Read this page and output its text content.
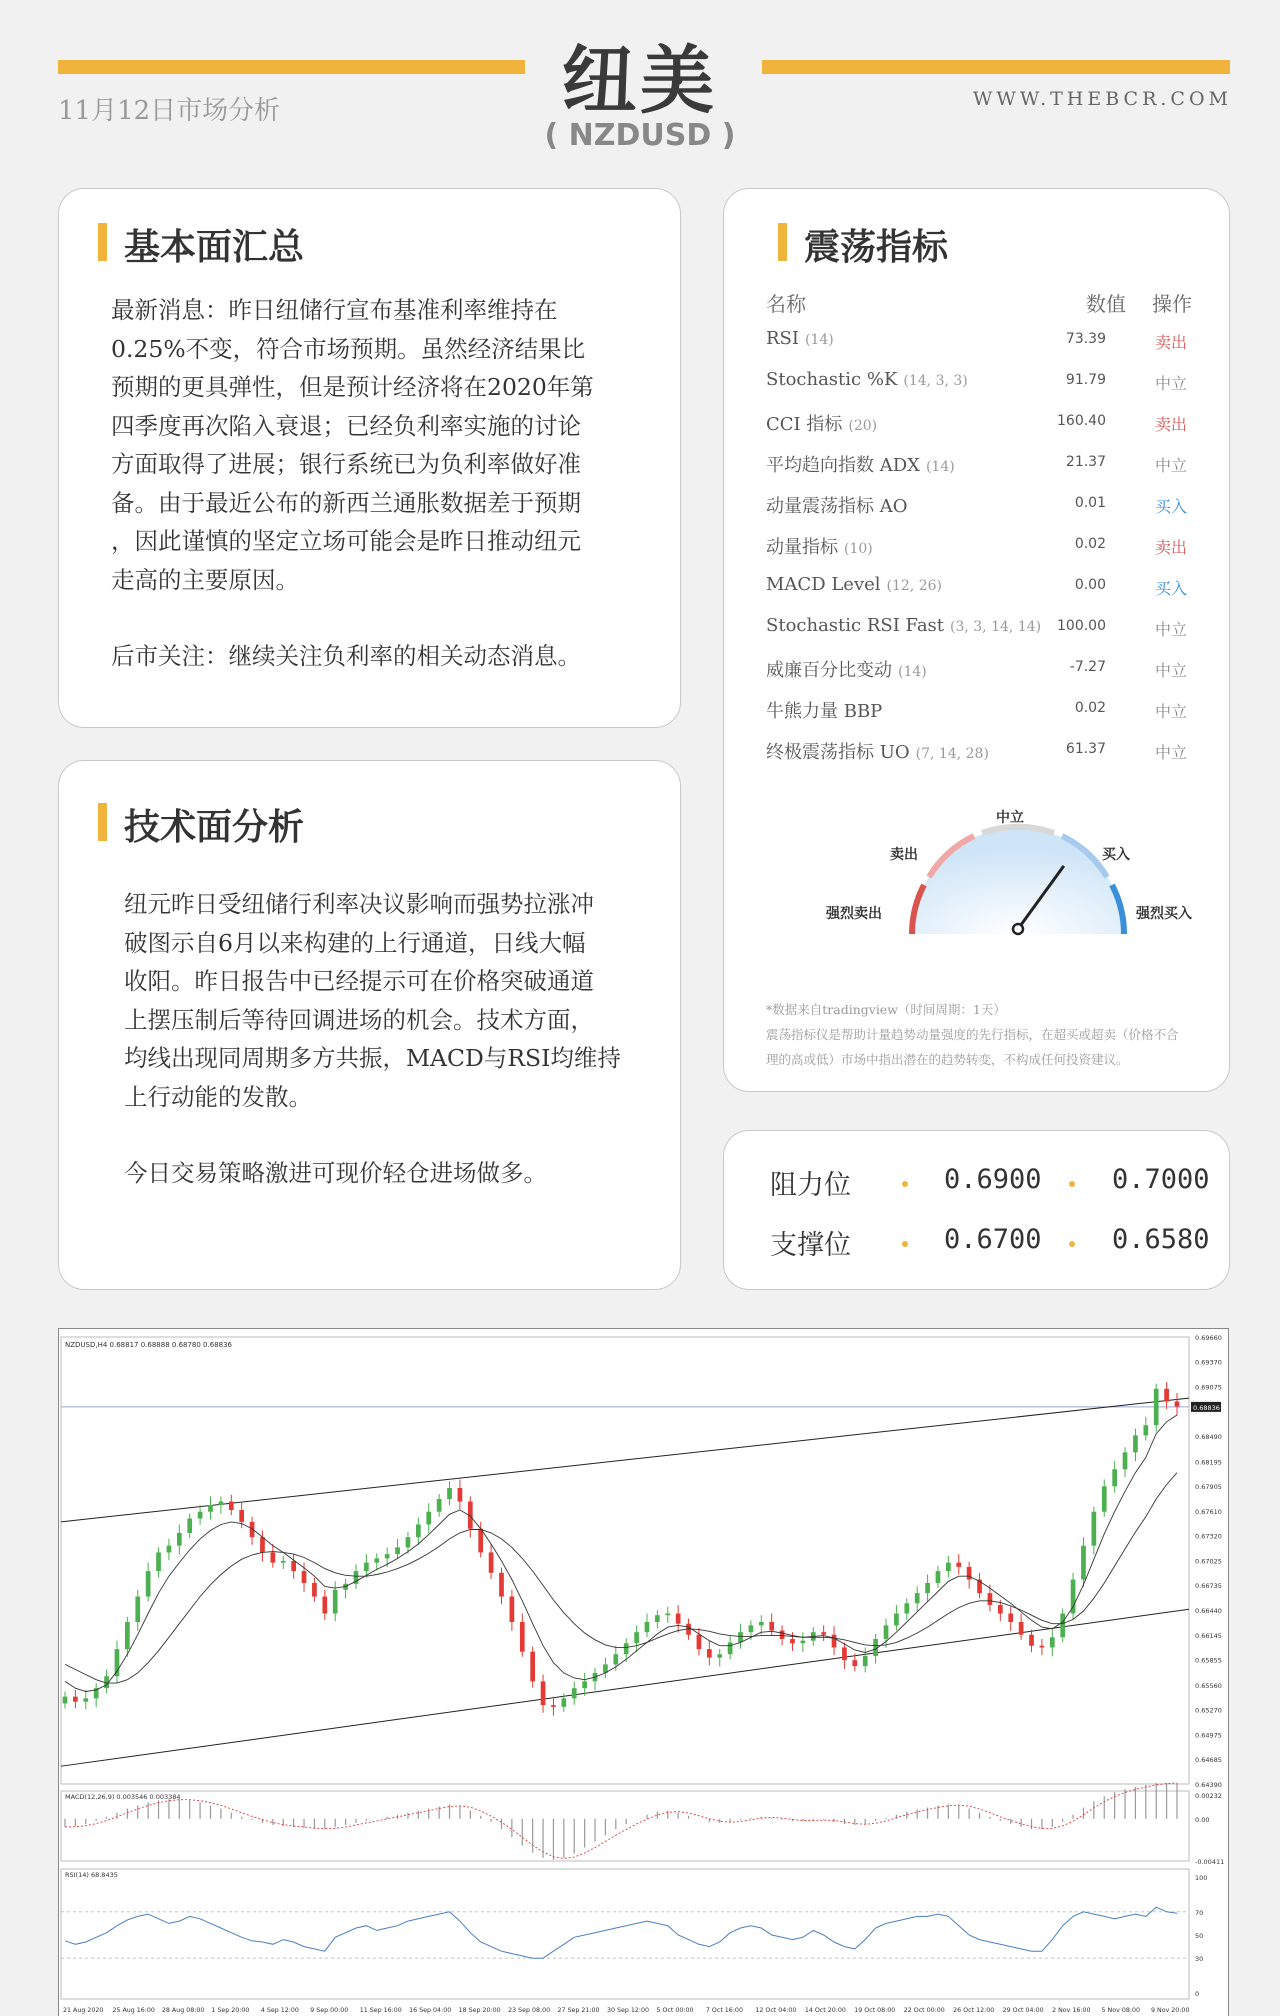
纽美
( NZDUSD )
11月12日市场分析	WWW.THEBCR.COM
基本面汇总
最新消息：昨日纽储行宣布基准利率维持在
0.25%不变，符合市场预期。虽然经济结果比
预期的更具弹性，但是预计经济将在2020年第
四季度再次陷入衰退；已经负利率实施的讨论
方面取得了进展；银行系统已为负利率做好准
备。由于最近公布的新西兰通胀数据差于预期
，因此谨慎的坚定立场可能会是昨日推动纽元
走高的主要原因。
后市关注：继续关注负利率的相关动态消息。
技术面分析
纽元昨日受纽储行利率决议影响而强势拉涨冲
破图示自6月以来构建的上行通道，日线大幅
收阳。昨日报告中已经提示可在价格突破通道
上摆压制后等待回调进场的机会。技术方面，
均线出现同周期多方共振，MACD与RSI均维持
上行动能的发散。
今日交易策略激进可现价轻仓进场做多。
震荡指标
名称	数值 操作
RSI (14)	73.39	卖出
Stochastic %K (14, 3, 3)	91.79	中立
CCI 指标 (20)	160.40	卖出
平均趋向指数 ADX (14)	21.37	中立
动量震荡指标 AO	0.01	买入
动量指标 (10)	0.02	卖出
MACD Level (12, 26)	0.00	买入
Stochastic RSI Fast (3, 3, 14, 14) 100.00	中立
威廉百分比变动 (14)	-7.27	中立
牛熊力量 BBP	0.02	中立
终极震荡指标 UO (7, 14, 28)	61.37	中立
中立
卖出	买入
强烈卖出	强烈买入
*数据来自tradingview（时间周期：1天）
震荡指标仪是帮助计量趋势动量强度的先行指标，在超买或超卖（价格不合
理的高或低）市场中指出潜在的趋势转变，不构成任何投资建议。
阻力位	0.6900	0.7000
支撑位	0.6700	0.6580
NZDUSD,H4 0.68817 0.68888 0.68780 0.68836
0.69660
0.69370
0.69075
0.68836
0.68490
0.68195
0.67905
0.67610
0.67320
0.67025
0.66735
0.66440
0.66145
0.65855
0.65560
0.65270
0.64975
0.64685
0.64390
MACD(12,26,9) 0.003546 0.003384	0.00232
0.00
-0.00411
RSI(14) 68.8435	100
70
50
30
0
21 Aug 2020 25 Aug 16:00 28 Aug 08:00 1 Sep 20:00 4 Sep 12:00 9 Sep 00:00 11 Sep 16:00 16 Sep 04:00 18 Sep 20:00 23 Sep 08:00 27 Sep 21:00 30 Sep 12:00 5 Oct 00:00 7 Oct 16:00 12 Oct 04:00 14 Oct 20:00 19 Oct 08:00 22 Oct 00:00 26 Oct 12:00 29 Oct 04:00 2 Nov 16:00 5 Nov 08:00 9 Nov 20:00
